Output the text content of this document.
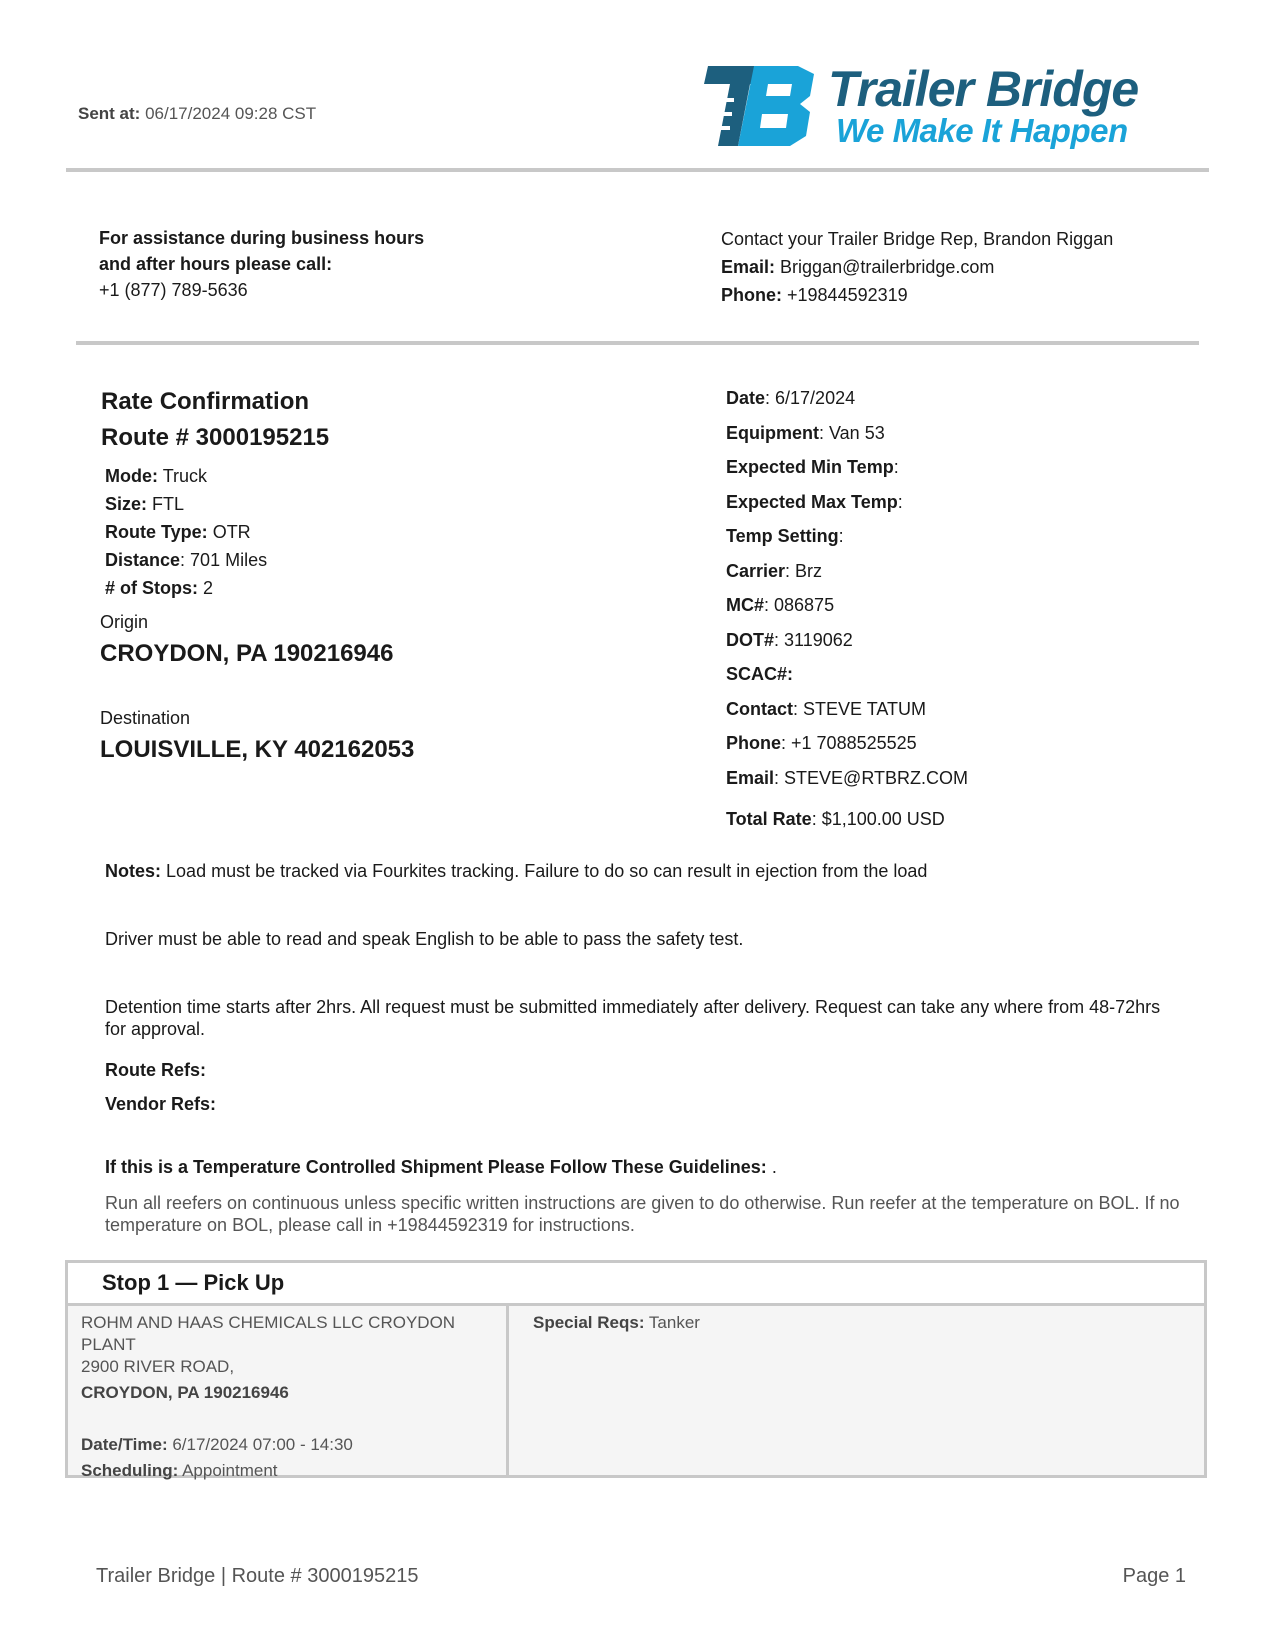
Sent at: 06/17/2024 09:28 CST	Trailer Bridge
We Make It Happen
For assistance during business hours
and after hours please call:
+1 (877) 789-5636
Contact your Trailer Bridge Rep, Brandon Riggan
Email: Briggan@trailerbridge.com
Phone: +19844592319
Rate Confirmation
Route # 3000195215
Mode: Truck
Size: FTL
Route Type: OTR
Distance: 701 Miles
# of Stops: 2
Origin
CROYDON, PA 190216946
Destination
LOUISVILLE, KY 402162053
Date: 6/17/2024
Equipment: Van 53
Expected Min Temp:
Expected Max Temp:
Temp Setting:
Carrier: Brz
MC#: 086875
DOT#: 3119062
SCAC#:
Contact: STEVE TATUM
Phone: +1 7088525525
Email: STEVE@RTBRZ.COM
Total Rate: $1,100.00 USD

Notes: Load must be tracked via Fourkites tracking. Failure to do so can result in ejection from the load

Driver must be able to read and speak English to be able to pass the safety test.

Detention time starts after 2hrs. All request must be submitted immediately after delivery. Request can take any where from 48-72hrs for approval.

Route Refs:
Vendor Refs:
If this is a Temperature Controlled Shipment Please Follow These Guidelines: .
Run all reefers on continuous unless specific written instructions are given to do otherwise. Run reefer at the temperature on BOL. If no temperature on BOL, please call in +19844592319 for instructions.
Stop 1 — Pick Up
ROHM AND HAAS CHEMICALS LLC CROYDON PLANT
2900 RIVER ROAD,
CROYDON, PA 190216946
Date/Time: 6/17/2024 07:00 - 14:30
Scheduling: Appointment
Special Reqs: Tanker
Trailer Bridge | Route # 3000195215	Page 1
